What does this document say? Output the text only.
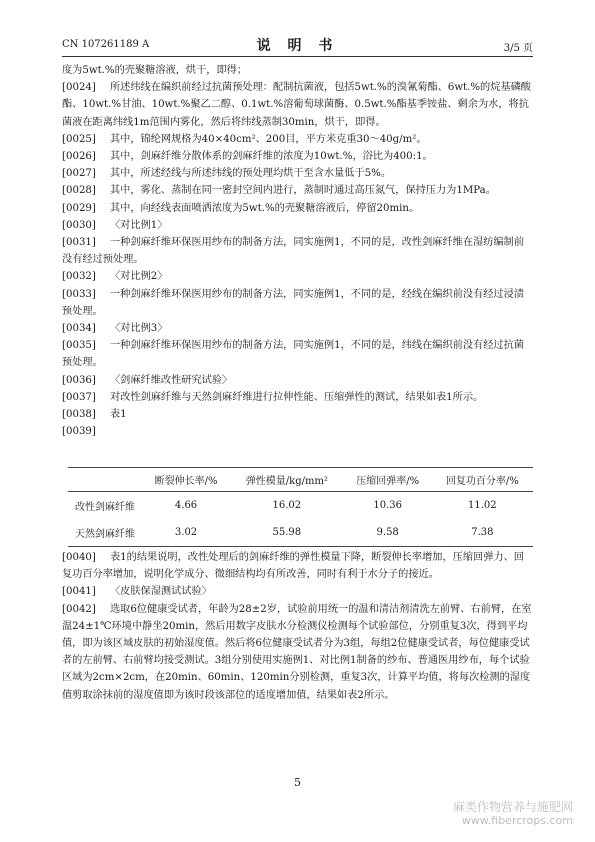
CN 107261189 A	说 明 书	3/5 页
度为5wt.%的壳聚糖溶液，烘干，即得；
[0024] 所述纬线在编织前经过抗菌预处理：配制抗菌液，包括5wt.%的溴氰菊酯、6wt.%的烷基磷酸酯、10wt.%甘油、10wt.%聚乙二醇、0.1wt.%溶葡萄球菌酶、0.5wt.%酯基季铵盐、剩余为水，将抗菌液在距离纬线1m范围内雾化，然后将纬线蒸制30min，烘干，即得。
[0025] 其中，锦纶网规格为40×40cm²、200目，平方米克重30～40g/m²。
[0026] 其中，剑麻纤维分散体系的剑麻纤维的浓度为10wt.%，浴比为400:1。
[0027] 其中，所述经线与所述纬线的预处理均烘干至含水量低于5%。
[0028] 其中，雾化、蒸制在同一密封空间内进行，蒸制时通过高压氮气，保持压力为1MPa。
[0029] 其中，向经线表面喷洒浓度为5wt.%的壳聚糖溶液后，停留20min。
[0030] 〈对比例1〉
[0031] 一种剑麻纤维环保医用纱布的制备方法，同实施例1，不同的是，改性剑麻纤维在湿纺编制前没有经过预处理。
[0032] 〈对比例2〉
[0033] 一种剑麻纤维环保医用纱布的制备方法，同实施例1，不同的是，经线在编织前没有经过浸渍预处理。
[0034] 〈对比例3〉
[0035] 一种剑麻纤维环保医用纱布的制备方法，同实施例1，不同的是，纬线在编织前没有经过抗菌预处理。
[0036] 〈剑麻纤维改性研究试验〉
[0037] 对改性剑麻纤维与天然剑麻纤维进行拉伸性能、压缩弹性的测试，结果如表1所示。
[0038] 表1
[0039]
	断裂伸长率/%	弹性模量/kg/mm²	压缩回弹率/%	回复功百分率/%
改性剑麻纤维	4.66	16.02	10.36	11.02
天然剑麻纤维	3.02	55.98	9.58	7.38
[0040] 表1的结果说明，改性处理后的剑麻纤维的弹性模量下降，断裂伸长率增加，压缩回弹力、回复功百分率增加，说明化学成分、微细结构均有所改善，同时有利于水分子的接近。
[0041] 〈皮肤保湿测试试验〉
[0042] 选取6位健康受试者，年龄为28±2岁，试验前用统一的温和清洁剂清洗左前臂、右前臂，在室温24±1℃环境中静坐20min，然后用数字皮肤水分检测仪检测每个试验部位，分别重复3次，得到平均值，即为该区域皮肤的初始湿度值。然后将6位健康受试者分为3组，每组2位健康受试者，每位健康受试者的左前臂、右前臂均接受测试。3组分别使用实施例1、对比例1制备的纱布、普通医用纱布，每个试验区域为2cm×2cm，在20min、60min、120min分别检测，重复3次，计算平均值，将每次检测的湿度值剪取涂抹前的湿度值即为该时段该部位的适度增加值，结果如表2所示。
5
麻类作物营养与施肥网
www.fibercrops.com
